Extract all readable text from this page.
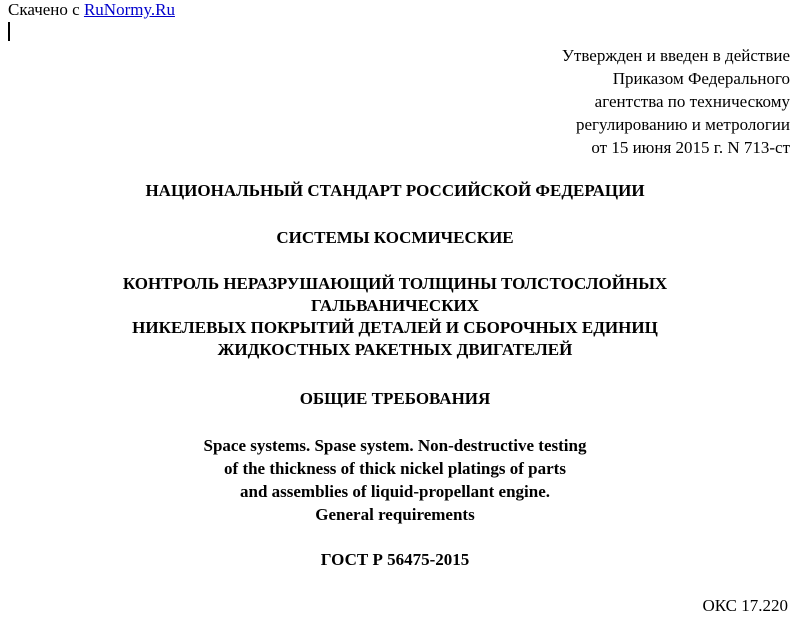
Скачено с RuNormy.Ru
Утвержден и введен в действие
Приказом Федерального
агентства по техническому
регулированию и метрологии
от 15 июня 2015 г. N 713-ст
НАЦИОНАЛЬНЫЙ СТАНДАРТ РОССИЙСКОЙ ФЕДЕРАЦИИ
СИСТЕМЫ КОСМИЧЕСКИЕ
КОНТРОЛЬ НЕРАЗРУШАЮЩИЙ ТОЛЩИНЫ ТОЛСТОСЛОЙНЫХ
ГАЛЬВАНИЧЕСКИХ
НИКЕЛЕВЫХ ПОКРЫТИЙ ДЕТАЛЕЙ И СБОРОЧНЫХ ЕДИНИЦ
ЖИДКОСТНЫХ РАКЕТНЫХ ДВИГАТЕЛЕЙ
ОБЩИЕ ТРЕБОВАНИЯ
Space systems. Spase system. Non-destructive testing
of the thickness of thick nickel platings of parts
and assemblies of liquid-propellant engine.
General requirements
ГОСТ Р 56475-2015
ОКС 17.220
